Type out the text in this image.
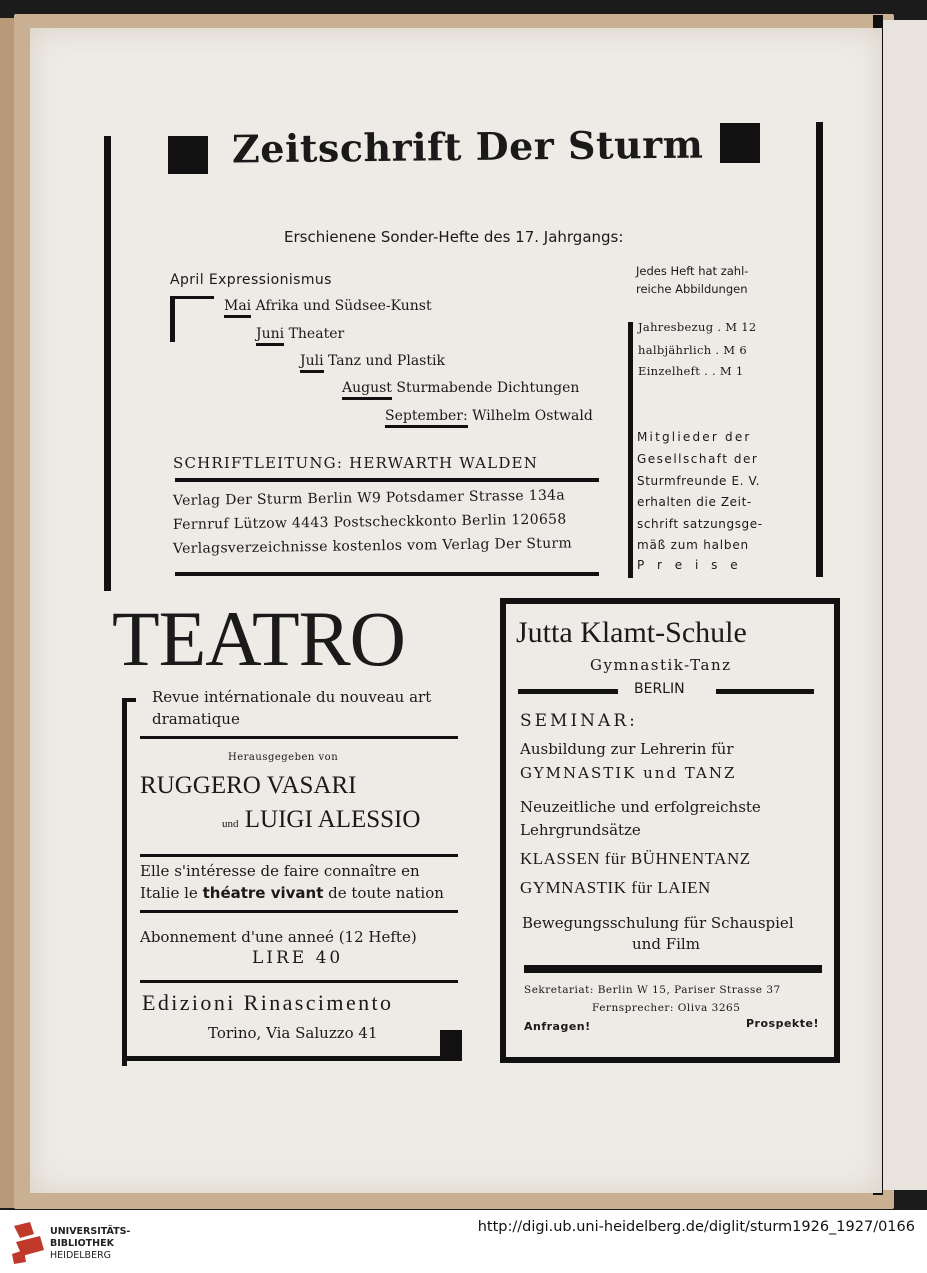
Zeitschrift Der Sturm
Erschienene Sonder-Hefte des 17. Jahrgangs:
April Expressionismus
Mai Afrika und Südsee-Kunst
Juni Theater
Juli Tanz und Plastik
August Sturmabende Dichtungen
September: Wilhelm Ostwald
Jedes Heft hat zahl-
reiche Abbildungen
Jahresbezug . M 12
halbjährlich . M 6
Einzelheft . . M 1
Mitglieder der
Gesellschaft der
Sturmfreunde E. V.
erhalten die Zeit-
schrift satzungsge-
mäß zum halben
P r e i s e
SCHRIFTLEITUNG: HERWARTH WALDEN
Verlag Der Sturm Berlin W9 Potsdamer Strasse 134a
Fernruf Lützow 4443 Postscheckkonto Berlin 120658
Verlagsverzeichnisse kostenlos vom Verlag Der Sturm
TEATRO
Revue intérnationale du nouveau art
dramatique
Herausgegeben von
RUGGERO VASARI
und LUIGI ALESSIO
Elle s'intéresse de faire connaître en
Italie le théatre vivant de toute nation
Abonnement d'une anneé (12 Hefte)
LIRE 40
Edizioni Rinascimento
Torino, Via Saluzzo 41
Jutta Klamt-Schule
Gymnastik-Tanz
BERLIN
SEMINAR:
Ausbildung zur Lehrerin für
GYMNASTIK und TANZ
Neuzeitliche und erfolgreichste
Lehrgrundsätze
KLASSEN für BÜHNENTANZ
GYMNASTIK für LAIEN
Bewegungsschulung für Schauspiel
und Film
Sekretariat: Berlin W 15, Pariser Strasse 37
Fernsprecher: Oliva 3265
Anfragen!	Prospekte!
UNIVERSITÄTS-
BIBLIOTHEK
HEIDELBERG
http://digi.ub.uni-heidelberg.de/diglit/sturm1926_1927/0166
